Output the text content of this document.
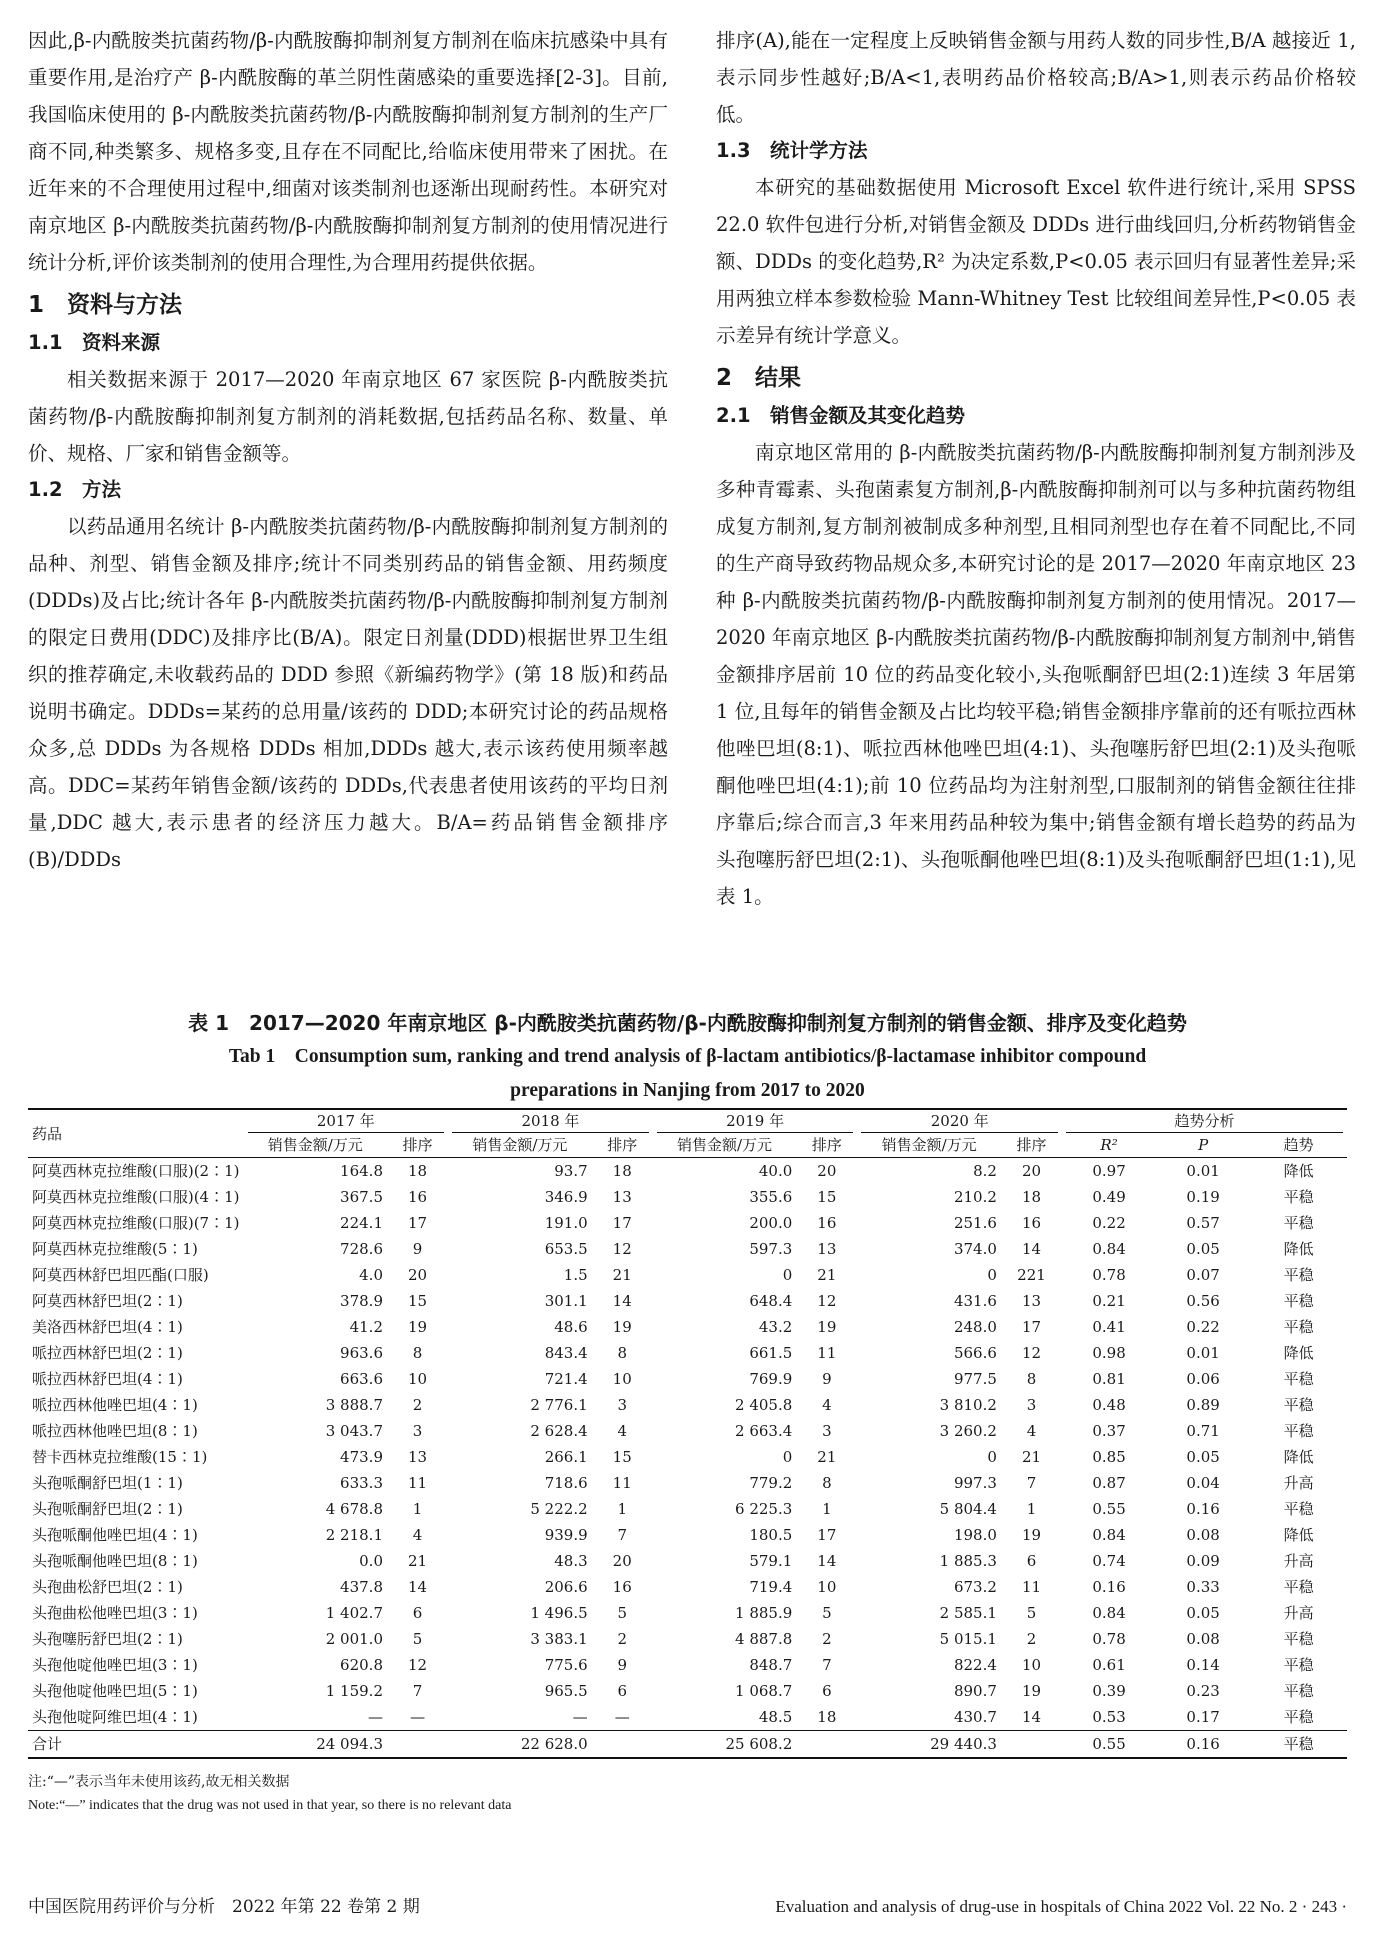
因此,β-内酰胺类抗菌药物/β-内酰胺酶抑制剂复方制剂在临床抗感染中具有重要作用,是治疗产 β-内酰胺酶的革兰阴性菌感染的重要选择[2-3]。目前,我国临床使用的 β-内酰胺类抗菌药物/β-内酰胺酶抑制剂复方制剂的生产厂商不同,种类繁多、规格多变,且存在不同配比,给临床使用带来了困扰。在近年来的不合理使用过程中,细菌对该类制剂也逐渐出现耐药性。本研究对南京地区 β-内酰胺类抗菌药物/β-内酰胺酶抑制剂复方制剂的使用情况进行统计分析,评价该类制剂的使用合理性,为合理用药提供依据。

1　资料与方法
1.1　资料来源

相关数据来源于 2017—2020 年南京地区 67 家医院 β-内酰胺类抗菌药物/β-内酰胺酶抑制剂复方制剂的消耗数据,包括药品名称、数量、单价、规格、厂家和销售金额等。

1.2　方法

以药品通用名统计 β-内酰胺类抗菌药物/β-内酰胺酶抑制剂复方制剂的品种、剂型、销售金额及排序;统计不同类别药品的销售金额、用药频度(DDDs)及占比;统计各年 β-内酰胺类抗菌药物/β-内酰胺酶抑制剂复方制剂的限定日费用(DDC)及排序比(B/A)。限定日剂量(DDD)根据世界卫生组织的推荐确定,未收载药品的 DDD 参照《新编药物学》(第 18 版)和药品说明书确定。DDDs=某药的总用量/该药的 DDD;本研究讨论的药品规格众多,总 DDDs 为各规格 DDDs 相加,DDDs 越大,表示该药使用频率越高。DDC=某药年销售金额/该药的 DDDs,代表患者使用该药的平均日剂量,DDC 越大,表示患者的经济压力越大。B/A=药品销售金额排序(B)/DDDs

排序(A),能在一定程度上反映销售金额与用药人数的同步性,B/A 越接近 1,表示同步性越好;B/A<1,表明药品价格较高;B/A>1,则表示药品价格较低。

1.3　统计学方法

本研究的基础数据使用 Microsoft Excel 软件进行统计,采用 SPSS 22.0 软件包进行分析,对销售金额及 DDDs 进行曲线回归,分析药物销售金额、DDDs 的变化趋势,R² 为决定系数,P<0.05 表示回归有显著性差异;采用两独立样本参数检验 Mann-Whitney Test 比较组间差异性,P<0.05 表示差异有统计学意义。

2　结果
2.1　销售金额及其变化趋势

南京地区常用的 β-内酰胺类抗菌药物/β-内酰胺酶抑制剂复方制剂涉及多种青霉素、头孢菌素复方制剂,β-内酰胺酶抑制剂可以与多种抗菌药物组成复方制剂,复方制剂被制成多种剂型,且相同剂型也存在着不同配比,不同的生产商导致药物品规众多,本研究讨论的是 2017—2020 年南京地区 23 种 β-内酰胺类抗菌药物/β-内酰胺酶抑制剂复方制剂的使用情况。2017—2020 年南京地区 β-内酰胺类抗菌药物/β-内酰胺酶抑制剂复方制剂中,销售金额排序居前 10 位的药品变化较小,头孢哌酮舒巴坦(2:1)连续 3 年居第 1 位,且每年的销售金额及占比均较平稳;销售金额排序靠前的还有哌拉西林他唑巴坦(8:1)、哌拉西林他唑巴坦(4:1)、头孢噻肟舒巴坦(2:1)及头孢哌酮他唑巴坦(4:1);前 10 位药品均为注射剂型,口服制剂的销售金额往往排序靠后;综合而言,3 年来用药品种较为集中;销售金额有增长趋势的药品为头孢噻肟舒巴坦(2:1)、头孢哌酮他唑巴坦(8:1)及头孢哌酮舒巴坦(1:1),见表 1。

表 1　2017—2020 年南京地区 β-内酰胺类抗菌药物/β-内酰胺酶抑制剂复方制剂的销售金额、排序及变化趋势
Tab 1　Consumption sum, ranking and trend analysis of β-lactam antibiotics/β-lactamase inhibitor compound
preparations in Nanjing from 2017 to 2020
药品	2017 年		2018 年		2019 年		2020 年		趋势分析		

	销售金额/万元	排序	销售金额/万元	排序	销售金额/万元	排序	销售金额/万元	排序	R²	P	趋势
阿莫西林克拉维酸(口服)(2∶1)	164.8	18	93.7	18	40.0	20	8.2	20	0.97	0.01	降低
阿莫西林克拉维酸(口服)(4∶1)	367.5	16	346.9	13	355.6	15	210.2	18	0.49	0.19	平稳
阿莫西林克拉维酸(口服)(7∶1)	224.1	17	191.0	17	200.0	16	251.6	16	0.22	0.57	平稳
阿莫西林克拉维酸(5∶1)	728.6	9	653.5	12	597.3	13	374.0	14	0.84	0.05	降低
阿莫西林舒巴坦匹酯(口服)	4.0	20	1.5	21	0	21	0	221	0.78	0.07	平稳
阿莫西林舒巴坦(2∶1)	378.9	15	301.1	14	648.4	12	431.6	13	0.21	0.56	平稳
美洛西林舒巴坦(4∶1)	41.2	19	48.6	19	43.2	19	248.0	17	0.41	0.22	平稳
哌拉西林舒巴坦(2∶1)	963.6	8	843.4	8	661.5	11	566.6	12	0.98	0.01	降低
哌拉西林舒巴坦(4∶1)	663.6	10	721.4	10	769.9	9	977.5	8	0.81	0.06	平稳
哌拉西林他唑巴坦(4∶1)	3 888.7	2	2 776.1	3	2 405.8	4	3 810.2	3	0.48	0.89	平稳
哌拉西林他唑巴坦(8∶1)	3 043.7	3	2 628.4	4	2 663.4	3	3 260.2	4	0.37	0.71	平稳
替卡西林克拉维酸(15∶1)	473.9	13	266.1	15	0	21	0	21	0.85	0.05	降低
头孢哌酮舒巴坦(1∶1)	633.3	11	718.6	11	779.2	8	997.3	7	0.87	0.04	升高
头孢哌酮舒巴坦(2∶1)	4 678.8	1	5 222.2	1	6 225.3	1	5 804.4	1	0.55	0.16	平稳
头孢哌酮他唑巴坦(4∶1)	2 218.1	4	939.9	7	180.5	17	198.0	19	0.84	0.08	降低
头孢哌酮他唑巴坦(8∶1)	0.0	21	48.3	20	579.1	14	1 885.3	6	0.74	0.09	升高
头孢曲松舒巴坦(2∶1)	437.8	14	206.6	16	719.4	10	673.2	11	0.16	0.33	平稳
头孢曲松他唑巴坦(3∶1)	1 402.7	6	1 496.5	5	1 885.9	5	2 585.1	5	0.84	0.05	升高
头孢噻肟舒巴坦(2∶1)	2 001.0	5	3 383.1	2	4 887.8	2	5 015.1	2	0.78	0.08	平稳
头孢他啶他唑巴坦(3∶1)	620.8	12	775.6	9	848.7	7	822.4	10	0.61	0.14	平稳
头孢他啶他唑巴坦(5∶1)	1 159.2	7	965.5	6	1 068.7	6	890.7	19	0.39	0.23	平稳
头孢他啶阿维巴坦(4∶1)	—	—	—	—	48.5	18	430.7	14	0.53	0.17	平稳
合计	24 094.3		22 628.0		25 608.2		29 440.3		0.55	0.16	平稳
注:“—”表示当年未使用该药,故无相关数据
Note:“—” indicates that the drug was not used in that year, so there is no relevant data
中国医院用药评价与分析　2022 年第 22 卷第 2 期	Evaluation and analysis of drug-use in hospitals of China 2022 Vol. 22 No. 2 · 243 ·
